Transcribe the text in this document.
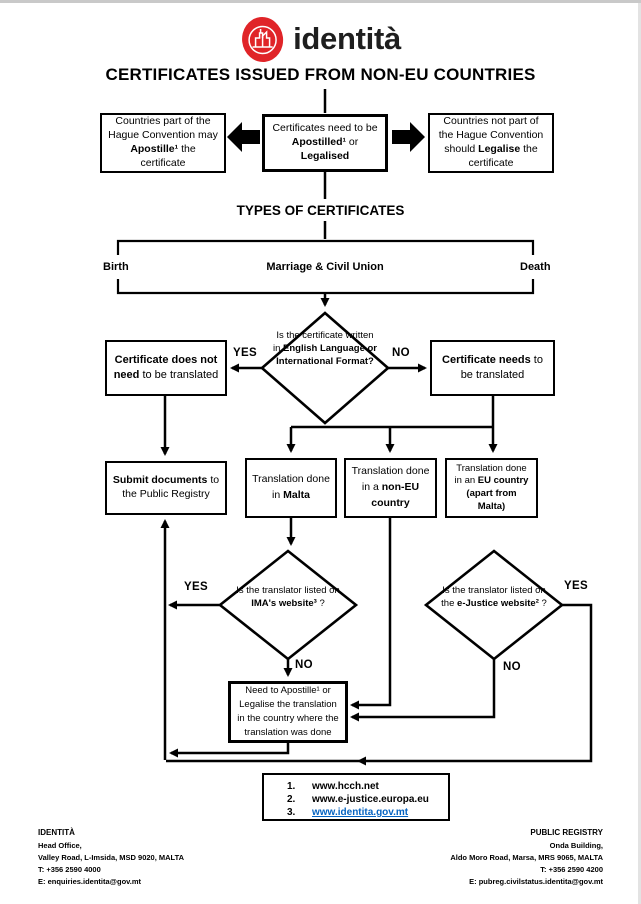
identità
CERTIFICATES ISSUED FROM NON-EU COUNTRIES
Countries part of the Hague Convention may Apostille¹ the certificate
Certificates need to be Apostilled¹ or Legalised
Countries not part of the Hague Convention should Legalise the certificate
TYPES OF CERTIFICATES
Birth	Marriage & Civil Union	Death
Is the certificate written in English Language or International Format?
YES	NO
Certificate does not need to be translated
Certificate needs to be translated
Submit documents to the Public Registry
Translation done in Malta
Translation done in a non-EU country
Translation done in an EU country (apart from Malta)
Is the translator listed on IMA's website³ ?
YES
NO
Is the translator listed on the e-Justice website² ?
YES
NO
Need to Apostille¹ or Legalise the translation in the country where the translation was done
1.	www.hcch.net
2.	www.e-justice.europa.eu
3.	www.identita.gov.mt
IDENTITÀ
Head Office,
Valley Road, L-Imsida, MSD 9020, MALTA
T: +356 2590 4000
E: enquiries.identita@gov.mt
PUBLIC REGISTRY
Onda Building,
Aldo Moro Road, Marsa, MRS 9065, MALTA
T: +356 2590 4200
E: pubreg.civilstatus.identita@gov.mt
